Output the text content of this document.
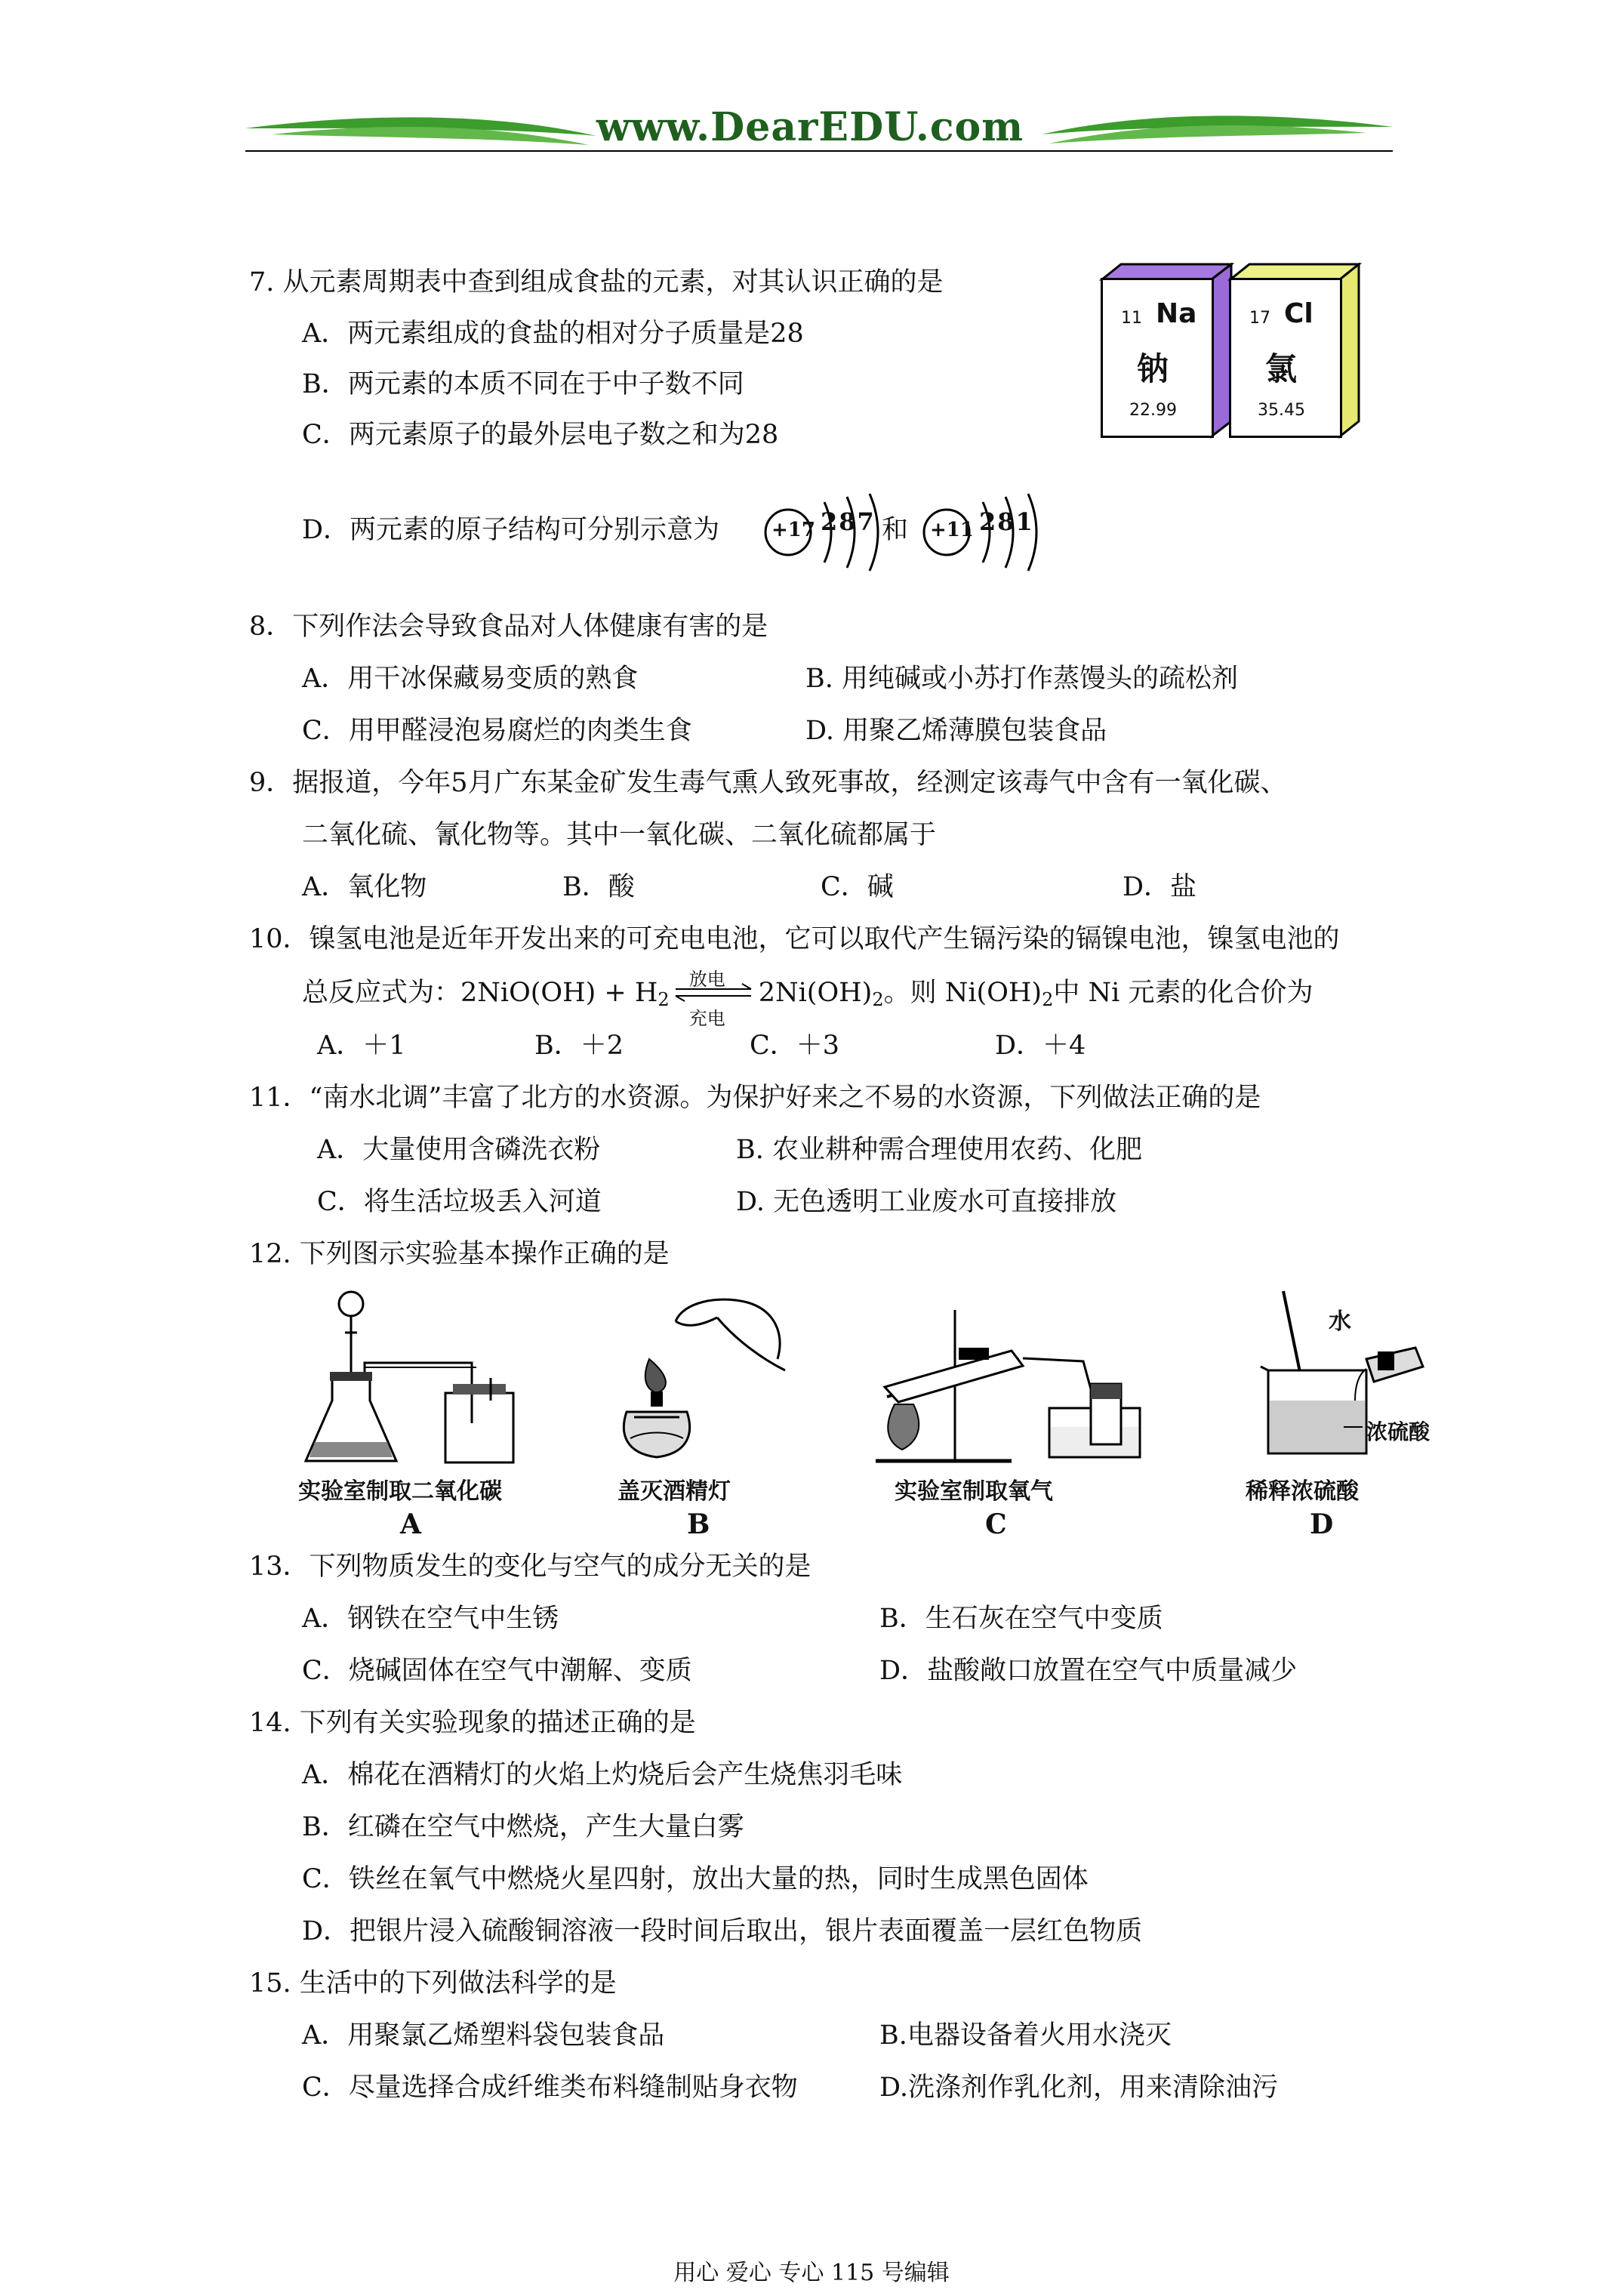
www.DearEDU.com
7. 从元素周期表中查到组成食盐的元素，对其认识正确的是
A．两元素组成的食盐的相对分子质量是28
B．两元素的本质不同在于中子数不同
C．两元素原子的最外层电子数之和为28
D．两元素的原子结构可分别示意为	+17 287 和 +11 281
11 Na
钠
22.99
17 Cl
氯
35.45
8．下列作法会导致食品对人体健康有害的是
A．用干冰保藏易变质的熟食	B. 用纯碱或小苏打作蒸馒头的疏松剂
C．用甲醛浸泡易腐烂的肉类生食	D. 用聚乙烯薄膜包装食品
9．据报道，今年5月广东某金矿发生毒气熏人致死事故，经测定该毒气中含有一氧化碳、
二氧化硫、氰化物等。其中一氧化碳、二氧化硫都属于
A．氧化物	B．酸	C．碱	D．盐
10．镍氢电池是近年开发出来的可充电电池，它可以取代产生镉污染的镉镍电池，镍氢电池的
总反应式为：$2NiO(OH) + H_2$
放电
充电
$2Ni(OH)_2$。则 $Ni(OH)_2$中 Ni 元素的化合价为
A．＋1	B．＋2	C．＋3	D．＋4
11．“南水北调”丰富了北方的水资源。为保护好来之不易的水资源，下列做法正确的是
A．大量使用含磷洗衣粉	B. 农业耕种需合理使用农药、化肥
C．将生活垃圾丢入河道	D. 无色透明工业废水可直接排放
12. 下列图示实验基本操作正确的是
实验室制取二氧化碳
A
盖灭酒精灯
B
实验室制取氧气
C
水
浓硫酸
稀释浓硫酸
D
13．下列物质发生的变化与空气的成分无关的是
A．钢铁在空气中生锈	B．生石灰在空气中变质
C．烧碱固体在空气中潮解、变质	D．盐酸敞口放置在空气中质量减少
14. 下列有关实验现象的描述正确的是
A．棉花在酒精灯的火焰上灼烧后会产生烧焦羽毛味
B．红磷在空气中燃烧，产生大量白雾
C．铁丝在氧气中燃烧火星四射，放出大量的热，同时生成黑色固体
D．把银片浸入硫酸铜溶液一段时间后取出，银片表面覆盖一层红色物质
15. 生活中的下列做法科学的是
A．用聚氯乙烯塑料袋包装食品	B.电器设备着火用水浇灭
C．尽量选择合成纤维类布料缝制贴身衣物	D.洗涤剂作乳化剂，用来清除油污
用心 爱心 专心 115 号编辑
